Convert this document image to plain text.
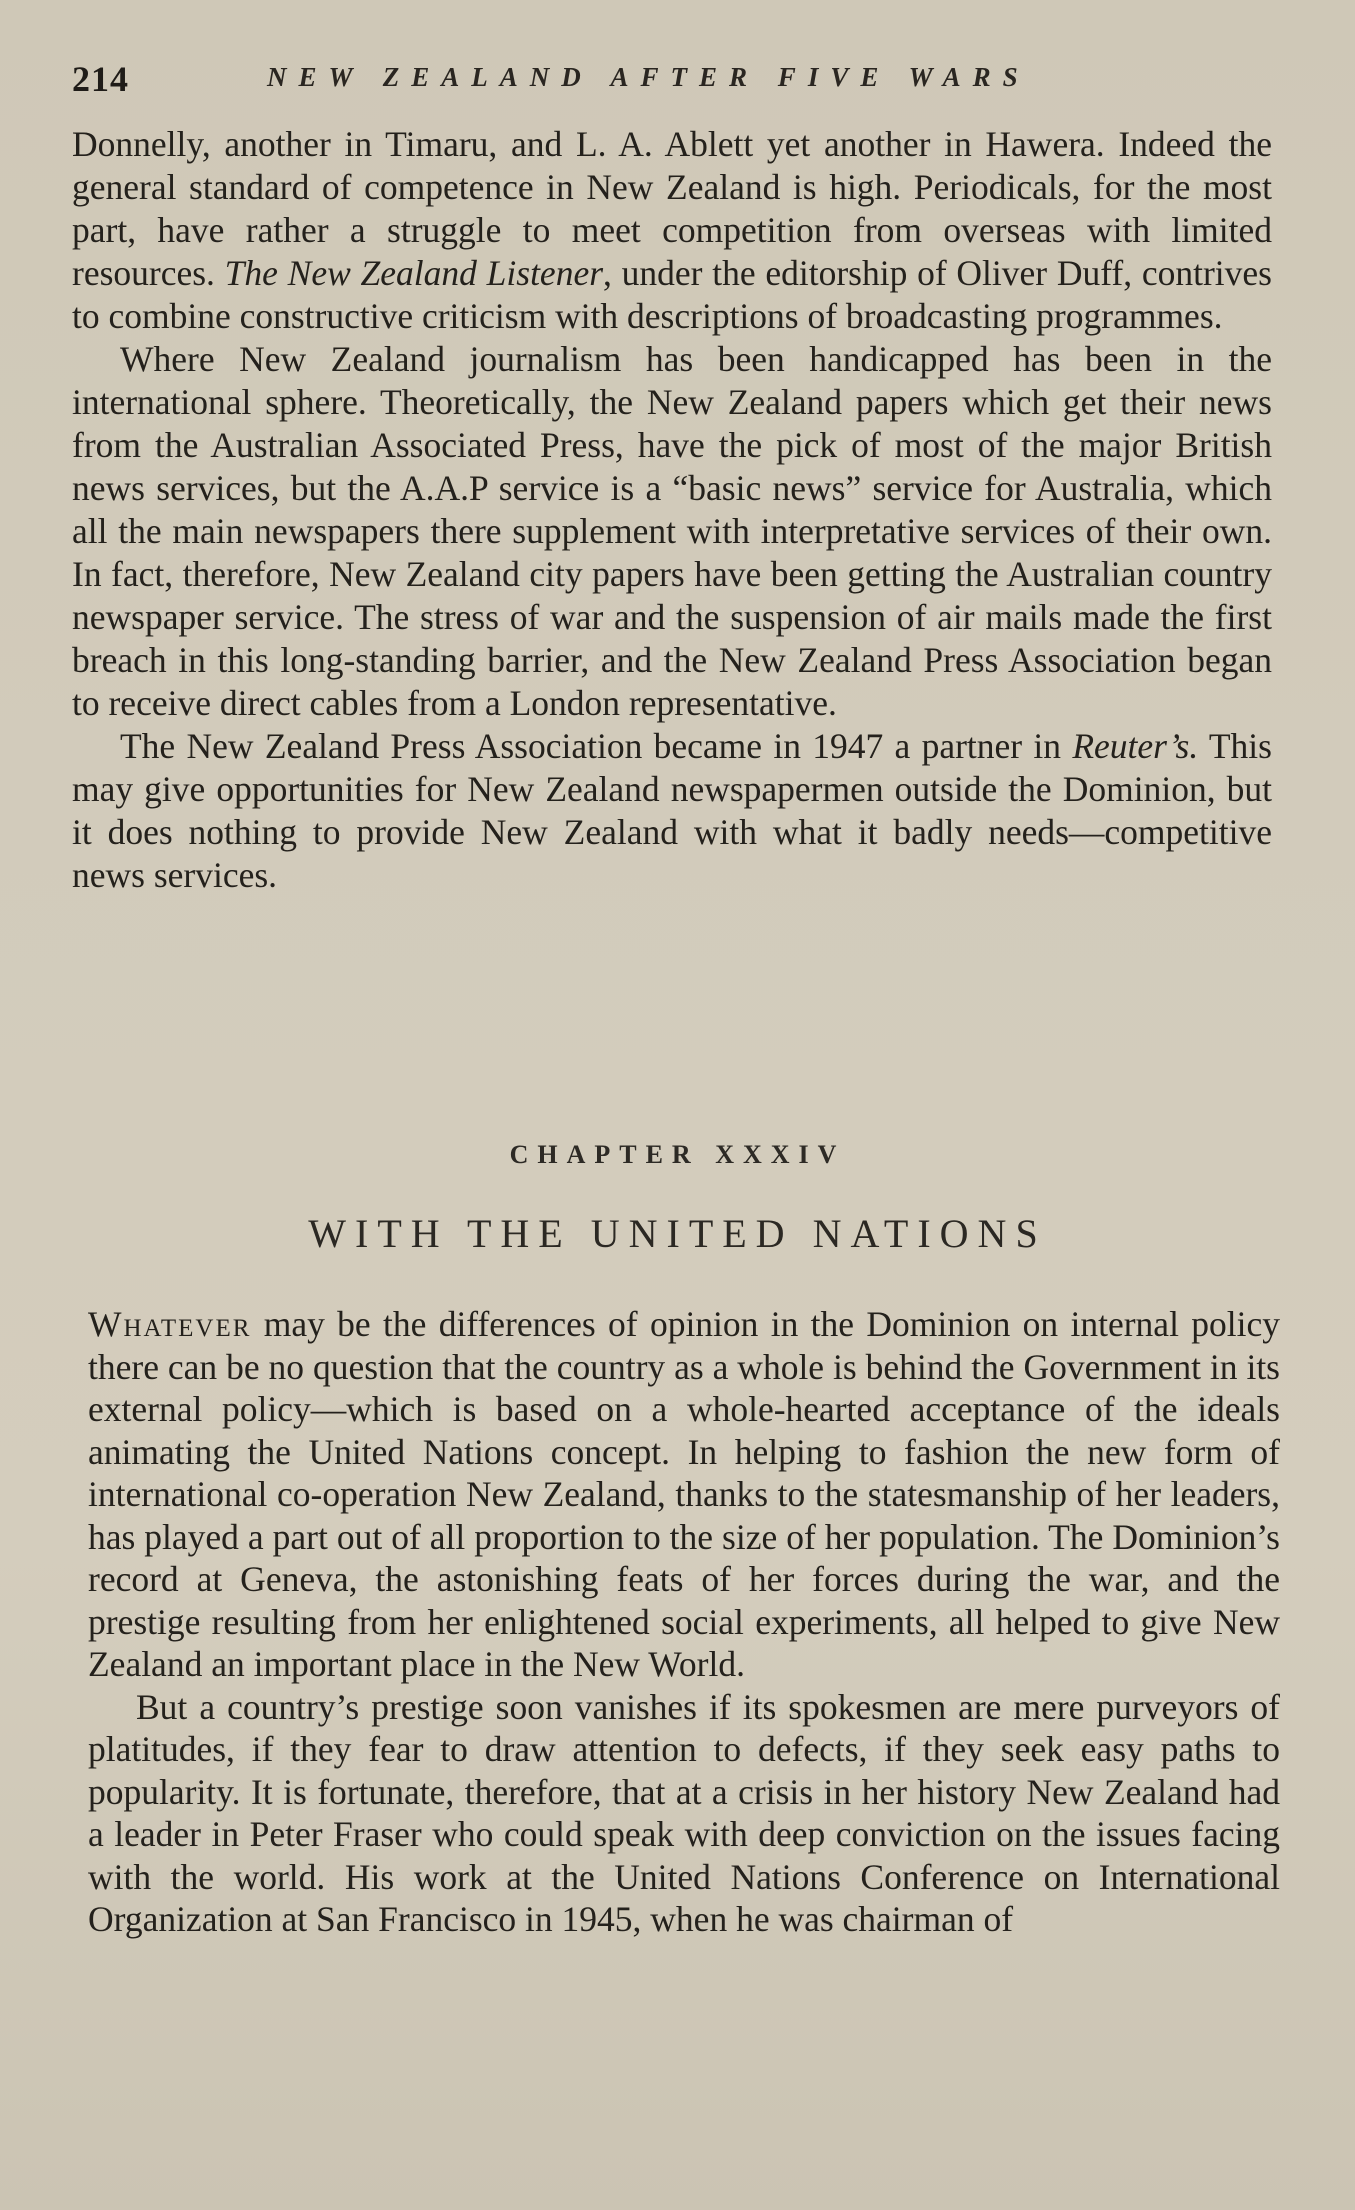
214	NEW ZEALAND AFTER FIVE WARS

Donnelly, another in Timaru, and L. A. Ablett yet another in Hawera. Indeed the general standard of competence in New Zealand is high. Periodicals, for the most part, have rather a struggle to meet competition from overseas with limited resources. The New Zealand Listener, under the editorship of Oliver Duff, contrives to combine constructive criticism with descriptions of broadcasting programmes.

Where New Zealand journalism has been handicapped has been in the international sphere. Theoretically, the New Zealand papers which get their news from the Australian Associated Press, have the pick of most of the major British news services, but the A.A.P service is a “basic news” service for Australia, which all the main newspapers there supplement with interpretative services of their own. In fact, therefore, New Zealand city papers have been getting the Australian country newspaper service. The stress of war and the suspension of air mails made the first breach in this long-standing barrier, and the New Zealand Press Association began to receive direct cables from a London representative.

The New Zealand Press Association became in 1947 a partner in Reuter’s. This may give opportunities for New Zealand newspapermen outside the Dominion, but it does nothing to provide New Zealand with what it badly needs—competitive news services.

CHAPTER XXXIV
WITH THE UNITED NATIONS

Whatever may be the differences of opinion in the Dominion on internal policy there can be no question that the country as a whole is behind the Government in its external policy—which is based on a whole-hearted acceptance of the ideals animating the United Nations concept. In helping to fashion the new form of international co-operation New Zealand, thanks to the statesmanship of her leaders, has played a part out of all proportion to the size of her population. The Dominion’s record at Geneva, the astonishing feats of her forces during the war, and the prestige resulting from her enlightened social experiments, all helped to give New Zealand an important place in the New World.

But a country’s prestige soon vanishes if its spokesmen are mere purveyors of platitudes, if they fear to draw attention to defects, if they seek easy paths to popularity. It is fortunate, therefore, that at a crisis in her history New Zealand had a leader in Peter Fraser who could speak with deep conviction on the issues facing with the world. His work at the United Nations Conference on International Organization at San Francisco in 1945, when he was chairman of
